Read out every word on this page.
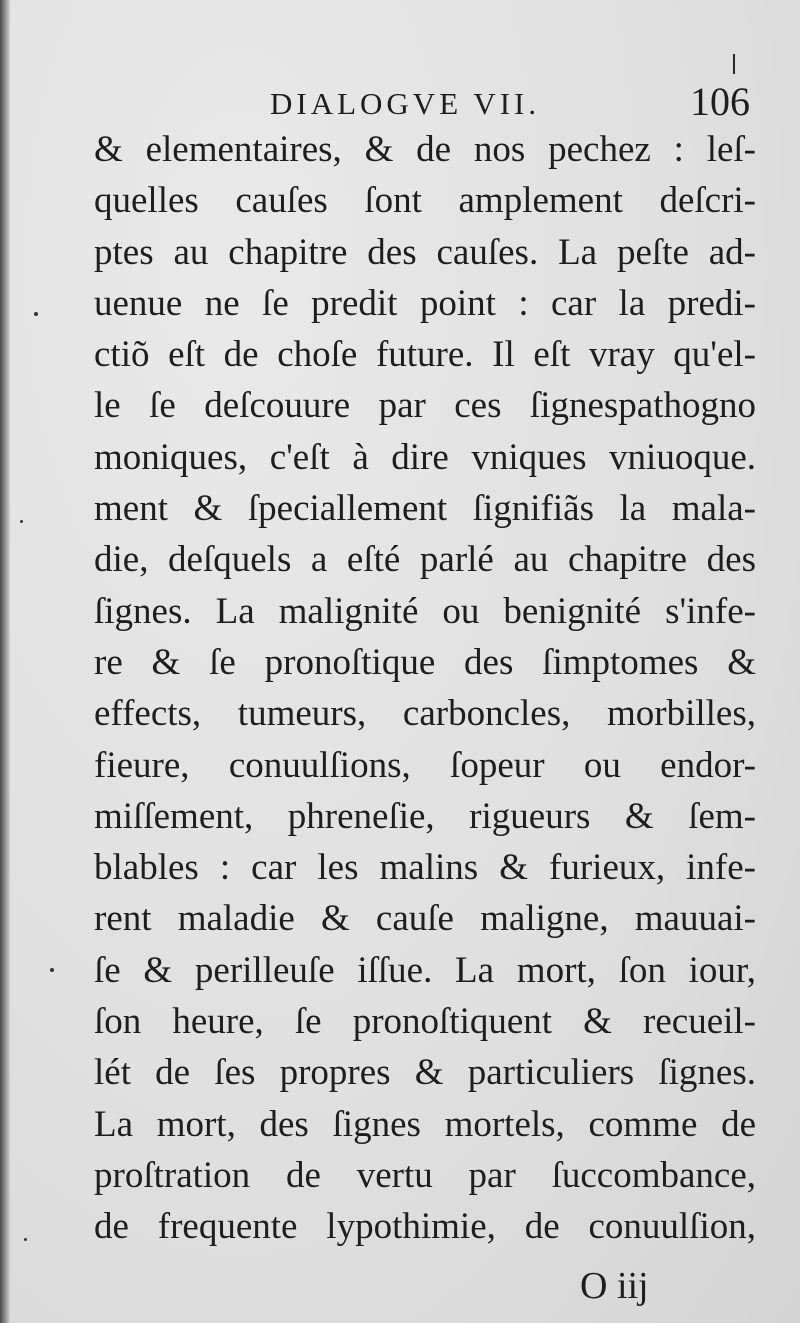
DIALOGVE VII.	106
& elementaires, & de nos pechez : leſ-
quelles cauſes ſont amplement deſcri-
ptes au chapitre des cauſes. La peſte ad-
uenue ne ſe predit point : car la predi-
ctiõ eſt de choſe future. Il eſt vray qu'el-
le ſe deſcouure par ces ſignespathogno
moniques, c'eſt à dire vniques vniuoque.
ment & ſpeciallement ſignifiãs la mala-
die, deſquels a eſté parlé au chapitre des
ſignes. La malignité ou benignité s'infe-
re & ſe pronoſtique des ſimptomes &
effects, tumeurs, carboncles, morbilles,
fieure, conuulſions, ſopeur ou endor-
miſſement, phreneſie, rigueurs & ſem-
blables : car les malins & furieux, infe-
rent maladie & cauſe maligne, mauuai-
ſe & perilleuſe iſſue. La mort, ſon iour,
ſon heure, ſe pronoſtiquent & recueil-
lét de ſes propres & particuliers ſignes.
La mort, des ſignes mortels, comme de
proſtration de vertu par ſuccombance,
de frequente lypothimie, de conuulſion,
O iij
